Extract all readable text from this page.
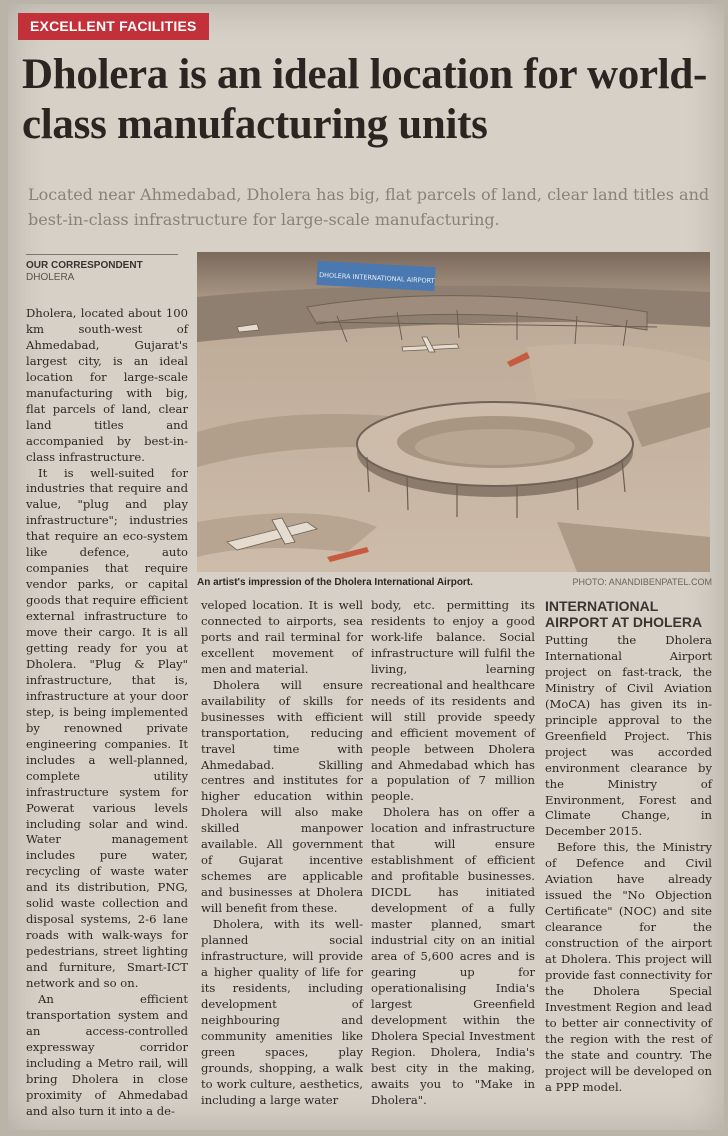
EXCELLENT FACILITIES
Dholera is an ideal location for world-class manufacturing units
Located near Ahmedabad, Dholera has big, flat parcels of land, clear land titles and best-in-class infrastructure for large-scale manufacturing.
OUR CORRESPONDENT
DHOLERA	DHOLERA INTERNATIONAL AIRPORT
An artist's impression of the Dholera International Airport.	PHOTO: ANANDIBENPATEL.COM

Dholera, located about 100 km south-west of Ahmedabad, Gujarat's largest city, is an ideal location for large-scale manufacturing with big, flat parcels of land, clear land titles and accompanied by best-in-class infrastructure.

It is well-suited for industries that require and value, "plug and play infrastructure"; industries that require an eco-system like defence, auto companies that require vendor parks, or capital goods that require efficient external infrastructure to move their cargo. It is all getting ready for you at Dholera. "Plug & Play" infrastructure, that is, infrastructure at your door step, is being implemented by renowned private engineering companies. It includes a well-planned, complete utility infrastructure system for Powerat various levels including solar and wind. Water management includes pure water, recycling of waste water and its distribution, PNG, solid waste collection and disposal systems, 2-6 lane roads with walk-ways for pedestrians, street lighting and furniture, Smart-ICT network and so on.

An efficient transportation system and an access-controlled expressway corridor including a Metro rail, will bring Dholera in close proximity of Ahmedabad and also turn it into a de-

veloped location. It is well connected to airports, sea ports and rail terminal for excellent movement of men and material.

Dholera will ensure availability of skills for businesses with efficient transportation, reducing travel time with Ahmedabad. Skilling centres and institutes for higher education within Dholera will also make skilled manpower available. All government of Gujarat incentive schemes are applicable and businesses at Dholera will benefit from these.

Dholera, with its well-planned social infrastructure, will provide a higher quality of life for its residents, including development of neighbouring and community amenities like green spaces, play grounds, shopping, a walk to work culture, aesthetics, including a large water

body, etc. permitting its residents to enjoy a good work-life balance. Social infrastructure will fulfil the living, learning recreational and healthcare needs of its residents and will still provide speedy and efficient movement of people between Dholera and Ahmedabad which has a population of 7 million people.

Dholera has on offer a location and infrastructure that will ensure establishment of efficient and profitable businesses. DICDL has initiated development of a fully master planned, smart industrial city on an initial area of 5,600 acres and is gearing up for operationalising India's largest Greenfield development within the Dholera Special Investment Region. Dholera, India's best city in the making, awaits you to "Make in Dholera".

INTERNATIONAL AIRPORT AT DHOLERA

Putting the Dholera International Airport project on fast-track, the Ministry of Civil Aviation (MoCA) has given its in-principle approval to the Greenfield Project. This project was accorded environment clearance by the Ministry of Environment, Forest and Climate Change, in December 2015.

Before this, the Ministry of Defence and Civil Aviation have already issued the "No Objection Certificate" (NOC) and site clearance for the construction of the airport at Dholera. This project will provide fast connectivity for the Dholera Special Investment Region and lead to better air connectivity of the region with the rest of the state and country. The project will be developed on a PPP model.
